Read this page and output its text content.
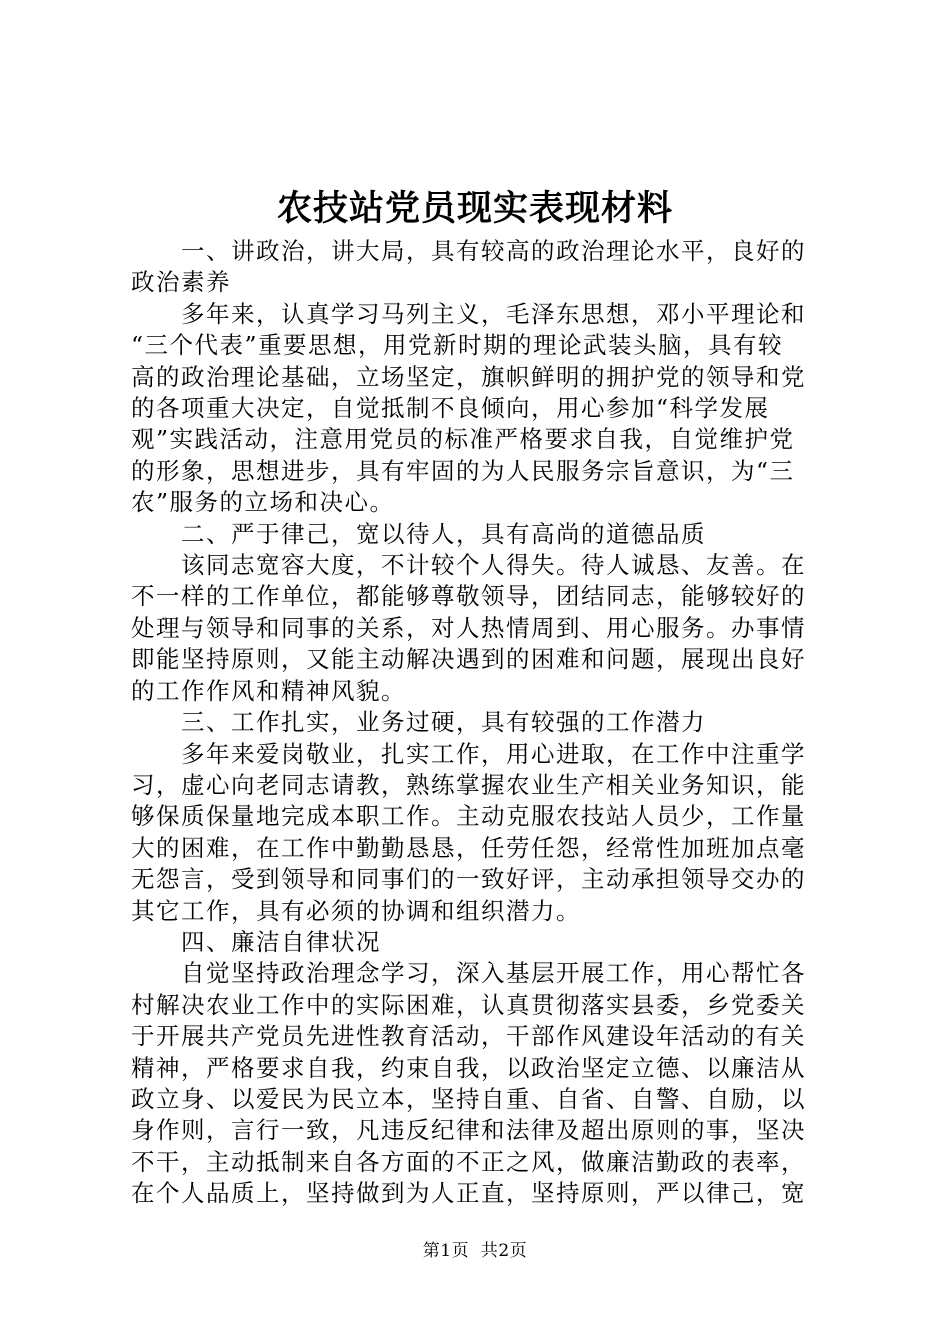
农技站党员现实表现材料
　　一、讲政治，讲大局，具有较高的政治理论水平，良好的
政治素养
　　多年来，认真学习马列主义，毛泽东思想，邓小平理论和
“三个代表”重要思想，用党新时期的理论武装头脑，具有较
高的政治理论基础，立场坚定，旗帜鲜明的拥护党的领导和党
的各项重大决定，自觉抵制不良倾向，用心参加“科学发展
观”实践活动，注意用党员的标准严格要求自我，自觉维护党
的形象，思想进步，具有牢固的为人民服务宗旨意识，为“三
农”服务的立场和决心。
　　二、严于律己，宽以待人，具有高尚的道德品质
　　该同志宽容大度，不计较个人得失。待人诚恳、友善。在
不一样的工作单位，都能够尊敬领导，团结同志，能够较好的
处理与领导和同事的关系，对人热情周到、用心服务。办事情
即能坚持原则，又能主动解决遇到的困难和问题，展现出良好
的工作作风和精神风貌。
　　三、工作扎实，业务过硬，具有较强的工作潜力
　　多年来爱岗敬业，扎实工作，用心进取，在工作中注重学
习，虚心向老同志请教，熟练掌握农业生产相关业务知识，能
够保质保量地完成本职工作。主动克服农技站人员少，工作量
大的困难，在工作中勤勤恳恳，任劳任怨，经常性加班加点毫
无怨言，受到领导和同事们的一致好评，主动承担领导交办的
其它工作，具有必须的协调和组织潜力。
　　四、廉洁自律状况
　　自觉坚持政治理念学习，深入基层开展工作，用心帮忙各
村解决农业工作中的实际困难，认真贯彻落实县委，乡党委关
于开展共产党员先进性教育活动，干部作风建设年活动的有关
精神，严格要求自我，约束自我，以政治坚定立德、以廉洁从
政立身、以爱民为民立本，坚持自重、自省、自警、自励，以
身作则，言行一致，凡违反纪律和法律及超出原则的事，坚决
不干，主动抵制来自各方面的不正之风，做廉洁勤政的表率，
在个人品质上，坚持做到为人正直，坚持原则，严以律己，宽
第1页  共2页
